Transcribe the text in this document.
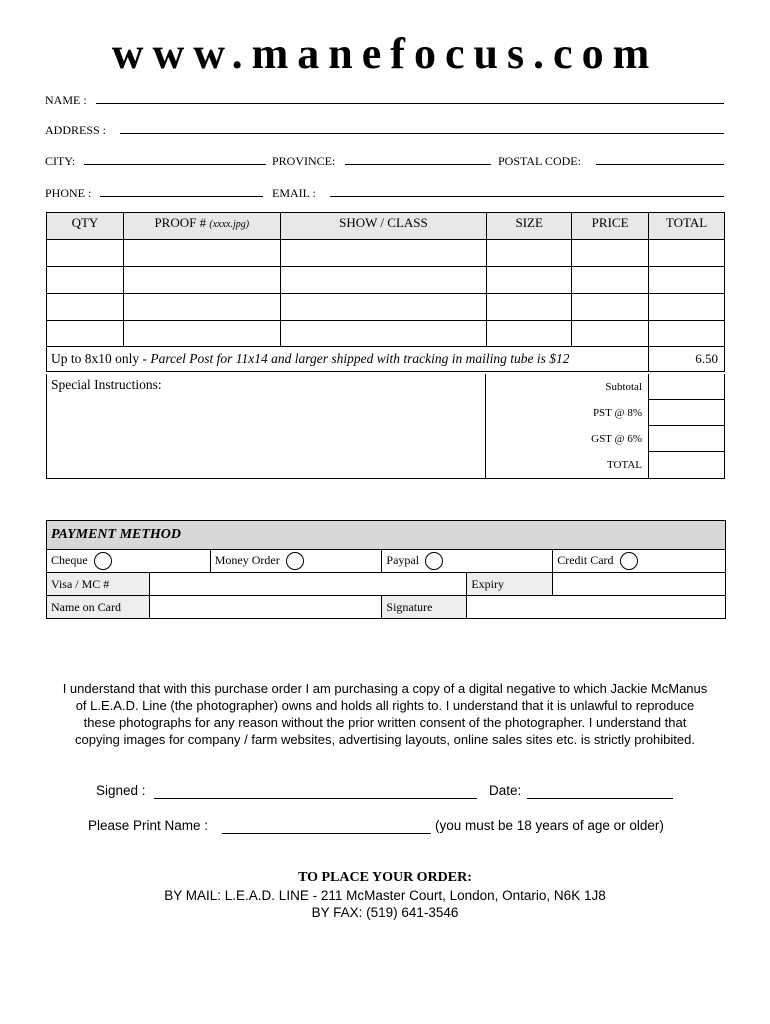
www.manefocus.com
NAME :
ADDRESS :
CITY:	PROVINCE:	POSTAL CODE:
PHONE :	EMAIL :
QTY	PROOF # (xxxx.jpg)	SHOW / CLASS	SIZE	PRICE	TOTAL

Up to 8x10 only - Parcel Post for 11x14 and larger shipped with tracking in mailing tube is $12					6.50
Special Instructions:	Subtotal
PST @ 8%
GST @ 6%
TOTAL
PAYMENT METHOD					
Cheque		Money Order	Paypal		Credit Card
Visa / MC #				Expiry	
Name on Card			Signature		
I understand that with this purchase order I am purchasing a copy of a digital negative to which Jackie McManus of L.E.A.D. Line (the photographer) owns and holds all rights to. I understand that it is unlawful to reproduce these photographs for any reason without the prior written consent of the photographer. I understand that copying images for company / farm websites, advertising layouts, online sales sites etc. is strictly prohibited.
Signed :	Date:
Please Print Name :	(you must be 18 years of age or older)
TO PLACE YOUR ORDER:
BY MAIL: L.E.A.D. LINE - 211 McMaster Court, London, Ontario, N6K 1J8
BY FAX: (519) 641-3546
